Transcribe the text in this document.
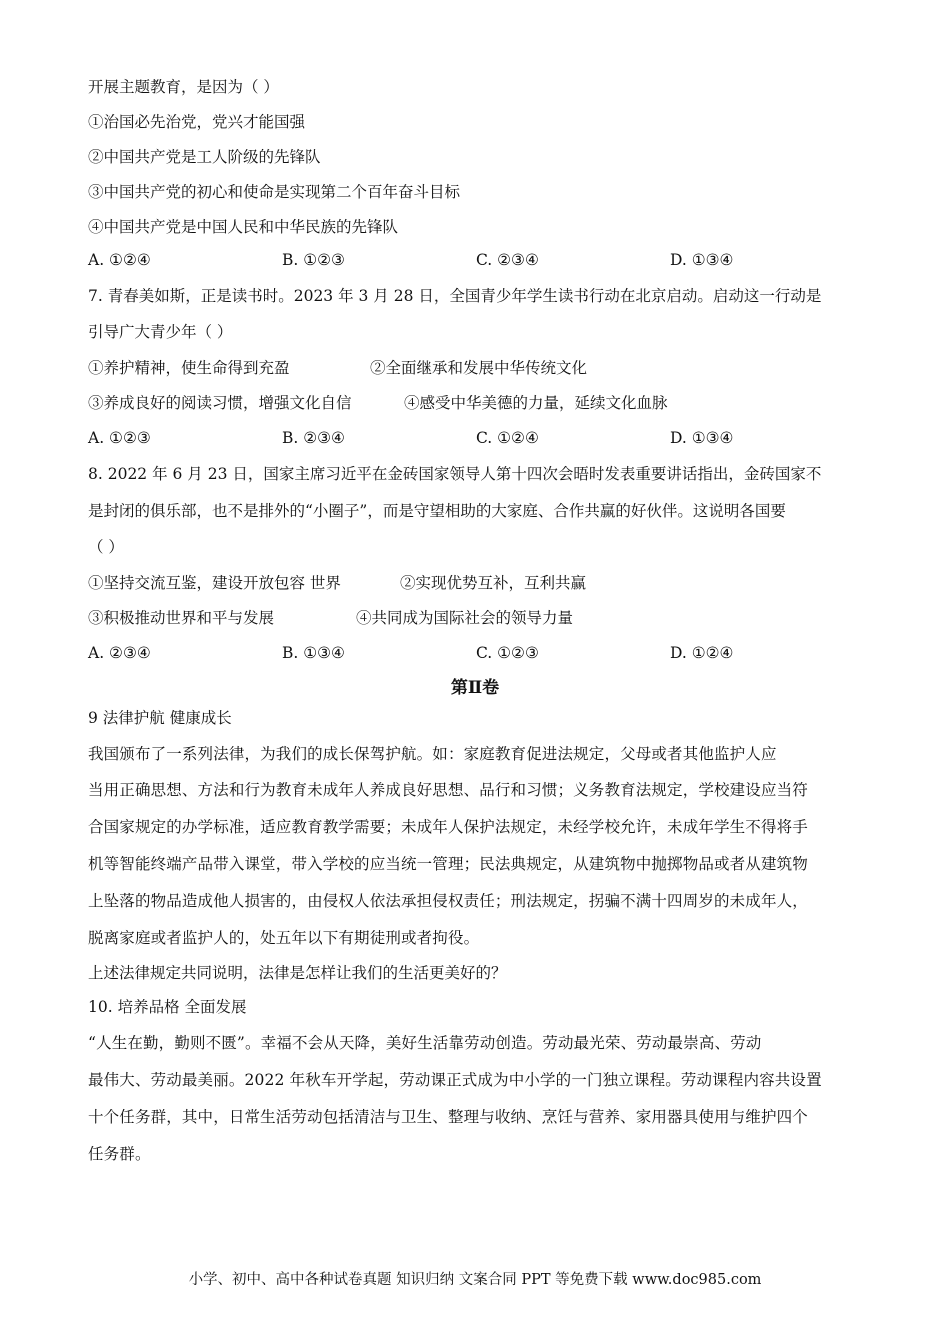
开展主题教育，是因为（ ）
①治国必先治党，党兴才能国强
②中国共产党是工人阶级的先锋队
③中国共产党的初心和使命是实现第二个百年奋斗目标
④中国共产党是中国人民和中华民族的先锋队
A. ①②④	B. ①②③	C. ②③④	D. ①③④
7. 青春美如斯，正是读书时。2023 年 3 月 28 日，全国青少年学生读书行动在北京启动。启动这一行动是
引导广大青少年（ ）
①养护精神，使生命得到充盈	②全面继承和发展中华传统文化
③养成良好的阅读习惯，增强文化自信	④感受中华美德的力量，延续文化血脉
A. ①②③	B. ②③④	C. ①②④	D. ①③④
8. 2022 年 6 月 23 日，国家主席习近平在金砖国家领导人第十四次会晤时发表重要讲话指出，金砖国家不
是封闭的俱乐部，也不是排外的“小圈子”，而是守望相助的大家庭、合作共赢的好伙伴。这说明各国要
（ ）
①坚持交流互鉴，建设开放包容 世界	②实现优势互补，互利共赢
③积极推动世界和平与发展	④共同成为国际社会的领导力量
A. ②③④	B. ①③④	C. ①②③	D. ①②④
第Ⅱ卷
9 法律护航 健康成长
我国颁布了一系列法律，为我们的成长保驾护航。如：家庭教育促进法规定，父母或者其他监护人应
当用正确思想、方法和行为教育未成年人养成良好思想、品行和习惯；义务教育法规定，学校建设应当符
合国家规定的办学标准，适应教育教学需要；未成年人保护法规定，未经学校允许，未成年学生不得将手
机等智能终端产品带入课堂，带入学校的应当统一管理；民法典规定，从建筑物中抛掷物品或者从建筑物
上坠落的物品造成他人损害的，由侵权人依法承担侵权责任；刑法规定，拐骗不满十四周岁的未成年人，
脱离家庭或者监护人的，处五年以下有期徒刑或者拘役。
上述法律规定共同说明，法律是怎样让我们的生活更美好的？
10. 培养品格 全面发展
“人生在勤，勤则不匮”。幸福不会从天降，美好生活靠劳动创造。劳动最光荣、劳动最崇高、劳动
最伟大、劳动最美丽。2022 年秋车开学起，劳动课正式成为中小学的一门独立课程。劳动课程内容共设置
十个任务群，其中，日常生活劳动包括清洁与卫生、整理与收纳、烹饪与营养、家用器具使用与维护四个
任务群。
小学、初中、高中各种试卷真题 知识归纳 文案合同 PPT 等免费下载 www.doc985.com
